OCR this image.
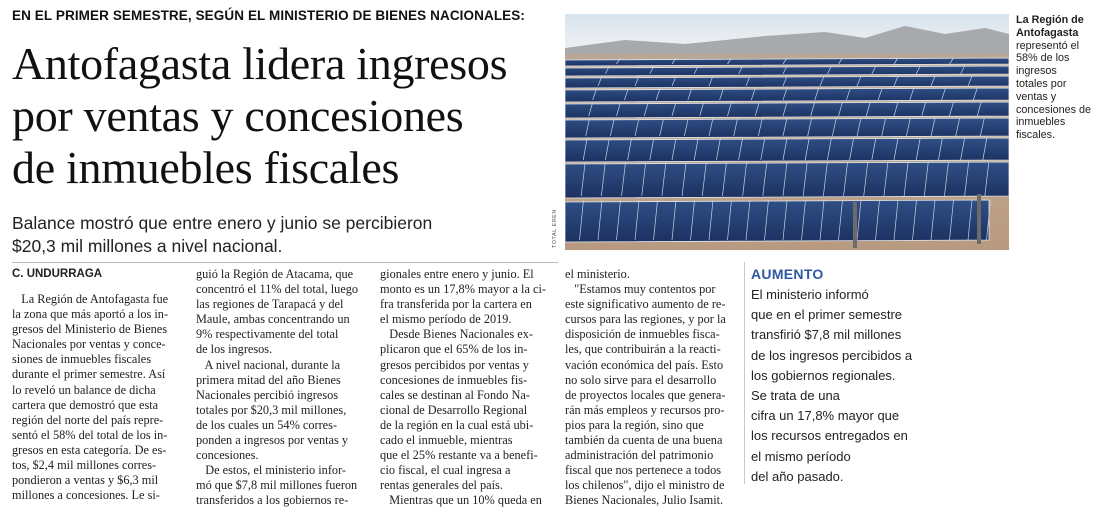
EN EL PRIMER SEMESTRE, SEGÚN EL MINISTERIO DE BIENES NACIONALES:
Antofagasta lidera ingresos
por ventas y concesiones
de inmuebles fiscales
Balance mostró que entre enero y junio se percibieron
$20,3 mil millones a nivel nacional.
C. UNDURRAGA
La Región de Antofagasta fue
la zona que más aportó a los in-
gresos del Ministerio de Bienes
Nacionales por ventas y conce-
siones de inmuebles fiscales
durante el primer semestre. Así
lo reveló un balance de dicha
cartera que demostró que esta
región del norte del país repre-
sentó el 58% del total de los in-
gresos en esta categoría. De es-
tos, $2,4 mil millones corres-
pondieron a ventas y $6,3 mil
millones a concesiones. Le si-
guió la Región de Atacama, que
concentró el 11% del total, luego
las regiones de Tarapacá y del
Maule, ambas concentrando un
9% respectivamente del total
de los ingresos.
A nivel nacional, durante la
primera mitad del año Bienes
Nacionales percibió ingresos
totales por $20,3 mil millones,
de los cuales un 54% corres-
ponden a ingresos por ventas y
concesiones.
De estos, el ministerio infor-
mó que $7,8 mil millones fueron
transferidos a los gobiernos re-
gionales entre enero y junio. El
monto es un 17,8% mayor a la ci-
fra transferida por la cartera en
el mismo período de 2019.
Desde Bienes Nacionales ex-
plicaron que el 65% de los in-
gresos percibidos por ventas y
concesiones de inmuebles fis-
cales se destinan al Fondo Na-
cional de Desarrollo Regional
de la región en la cual está ubi-
cado el inmueble, mientras
que el 25% restante va a benefi-
cio fiscal, el cual ingresa a
rentas generales del país.
Mientras que un 10% queda en
el ministerio.
"Estamos muy contentos por
este significativo aumento de re-
cursos para las regiones, y por la
disposición de inmuebles fisca-
les, que contribuirán a la reacti-
vación económica del país. Esto
no solo sirve para el desarrollo
de proyectos locales que genera-
rán más empleos y recursos pro-
pios para la región, sino que
también da cuenta de una buena
administración del patrimonio
fiscal que nos pertenece a todos
los chilenos", dijo el ministro de
Bienes Nacionales, Julio Isamit.
TOTAL EREN
La Región de
Antofagasta
representó el
58% de los
ingresos
totales por
ventas y
concesiones de
inmuebles
fiscales.
AUMENTO
El ministerio informó
que en el primer semestre
transfirió $7,8 mil millones
de los ingresos percibidos a
los gobiernos regionales.
Se trata de una
cifra un 17,8% mayor que
los recursos entregados en
el mismo período
del año pasado.
